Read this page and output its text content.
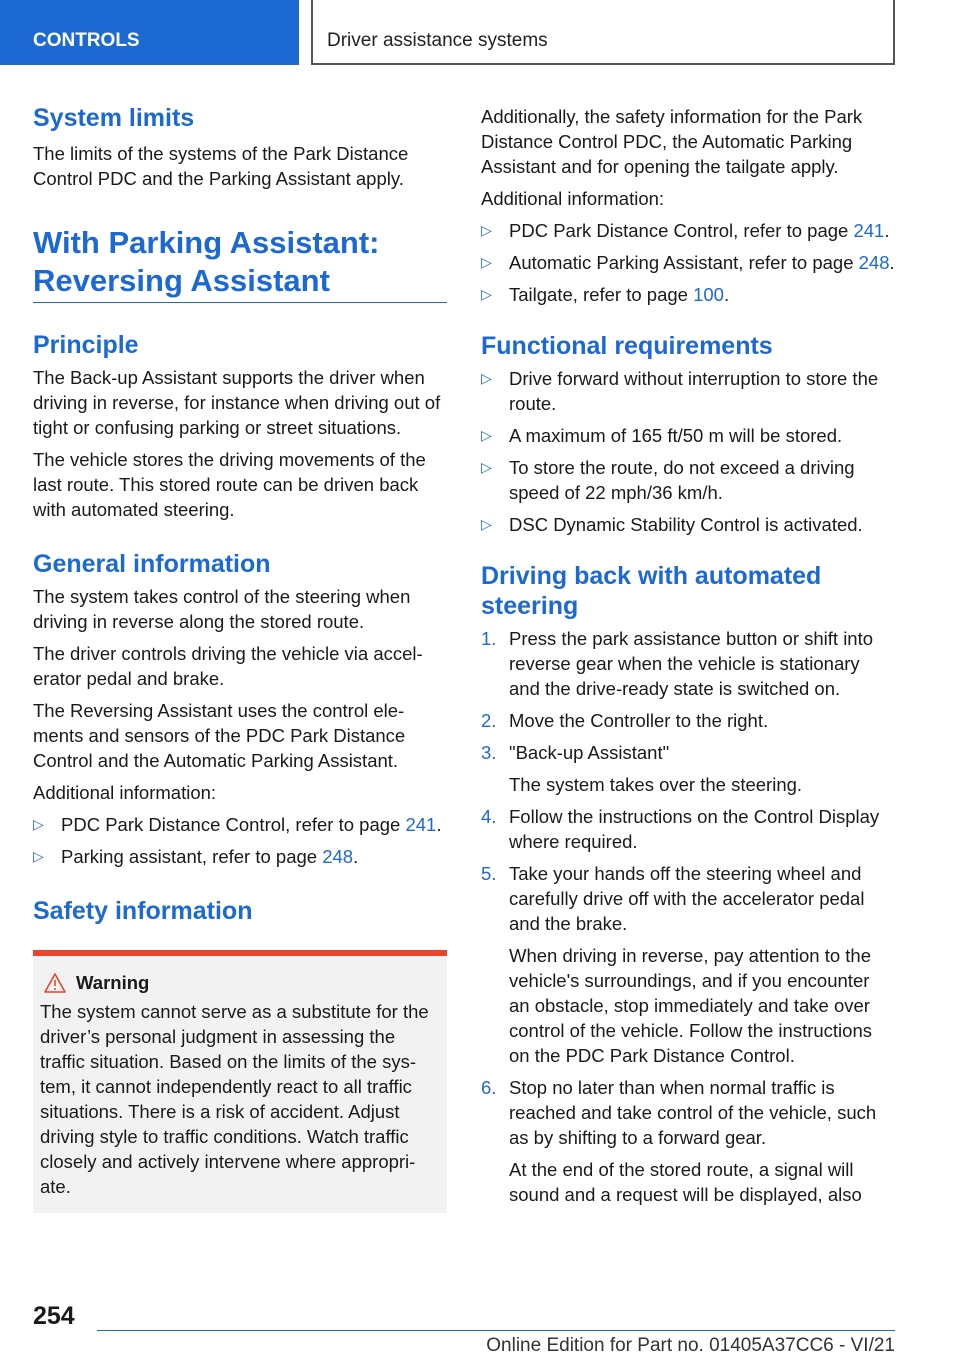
CONTROLS	Driver assistance systems
System limits

The limits of the systems of the Park Distance Control PDC and the Parking Assistant apply.

With Parking Assistant:
Reversing Assistant
Principle

The Back-up Assistant supports the driver when driving in reverse, for instance when driving out of tight or confusing parking or street situations.

The vehicle stores the driving movements of the last route. This stored route can be driven back with automated steering.

General information

The system takes control of the steering when driving in reverse along the stored route.

The driver controls driving the vehicle via accel-erator pedal and brake.

The Reversing Assistant uses the control ele-ments and sensors of the PDC Park Distance Control and the Automatic Parking Assistant.

Additional information:

▷ PDC Park Distance Control, refer to page 241.
▷ Parking assistant, refer to page 248.
Safety information
Warning

The system cannot serve as a substitute for the driver’s personal judgment in assessing the traffic situation. Based on the limits of the sys-tem, it cannot independently react to all traffic situations. There is a risk of accident. Adjust driving style to traffic conditions. Watch traffic closely and actively intervene where appropri-ate.

Additionally, the safety information for the Park Distance Control PDC, the Automatic Parking Assistant and for opening the tailgate apply.

Additional information:

▷ PDC Park Distance Control, refer to page 241.
▷ Automatic Parking Assistant, refer to page 248.
▷ Tailgate, refer to page 100.
Functional requirements
▷ Drive forward without interruption to store the route.
▷ A maximum of 165 ft/50 m will be stored.
▷ To store the route, do not exceed a driving speed of 22 mph/36 km/h.
▷ DSC Dynamic Stability Control is activated.
Driving back with automated steering
1. Press the park assistance button or shift into reverse gear when the vehicle is stationary and the drive-ready state is switched on.
2. Move the Controller to the right.
3. "Back-up Assistant"
The system takes over the steering.
4. Follow the instructions on the Control Display where required.
5. Take your hands off the steering wheel and carefully drive off with the accelerator pedal and the brake.
When driving in reverse, pay attention to the vehicle's surroundings, and if you encounter an obstacle, stop immediately and take over control of the vehicle. Follow the instructions on the PDC Park Distance Control.
6. Stop no later than when normal traffic is reached and take control of the vehicle, such as by shifting to a forward gear.
At the end of the stored route, a signal will sound and a request will be displayed, also
254
Online Edition for Part no. 01405A37CC6 - VI/21
